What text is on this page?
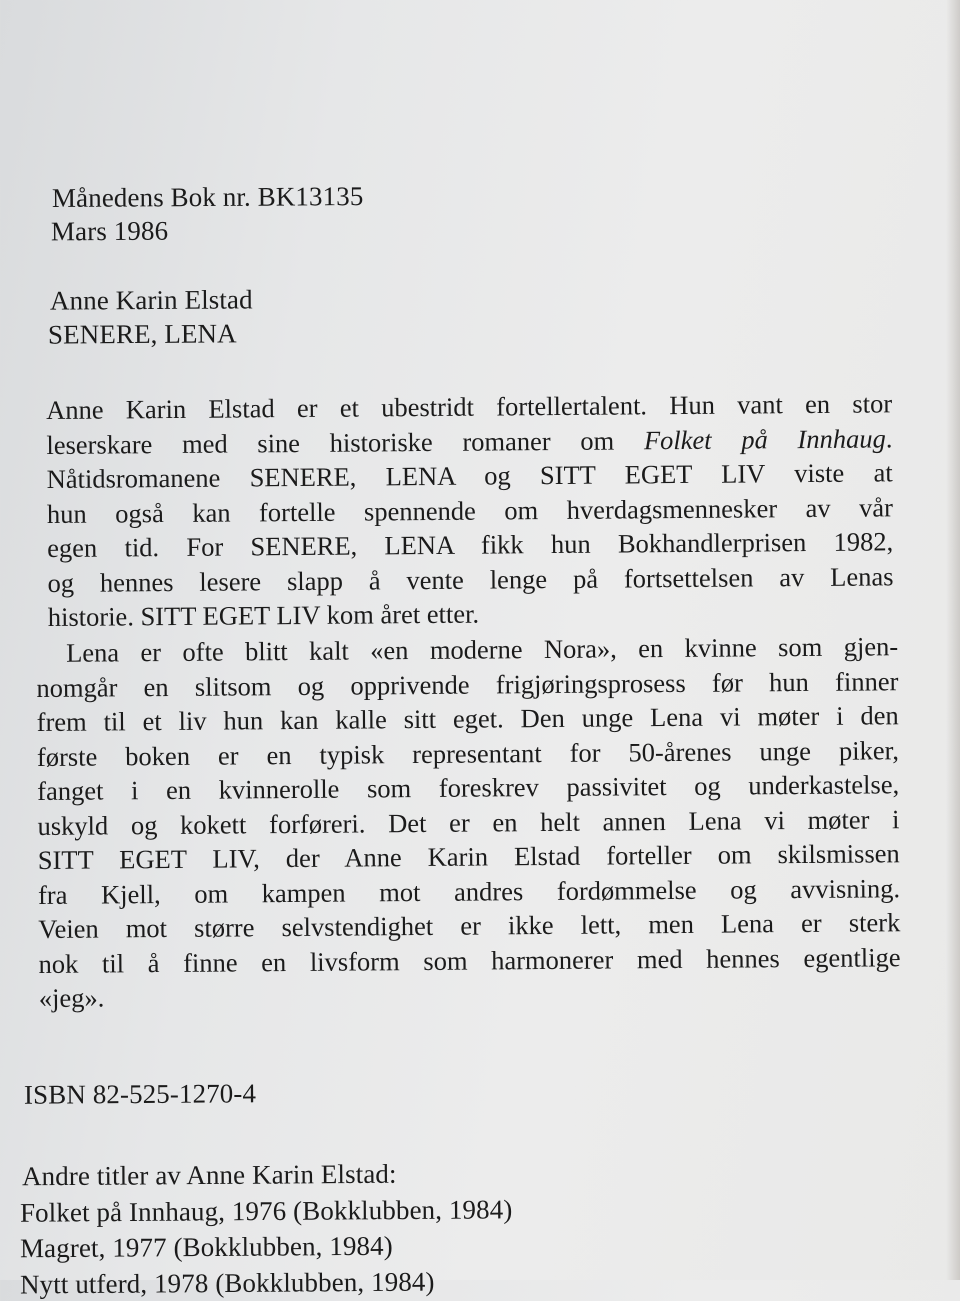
Månedens Bok nr. BK13135
Mars 1986
Anne Karin Elstad
SENERE, LENA
Anne Karin Elstad er et ubestridt fortellertalent. Hun vant en stor
leserskare med sine historiske romaner om Folket på Innhaug.
Nåtidsromanene SENERE, LENA og SITT EGET LIV viste at
hun også kan fortelle spennende om hverdagsmennesker av vår
egen tid. For SENERE, LENA fikk hun Bokhandlerprisen 1982,
og hennes lesere slapp å vente lenge på fortsettelsen av Lenas
historie. SITT EGET LIV kom året etter.
Lena er ofte blitt kalt «en moderne Nora», en kvinne som gjen-
nomgår en slitsom og opprivende frigjøringsprosess før hun finner
frem til et liv hun kan kalle sitt eget. Den unge Lena vi møter i den
første boken er en typisk representant for 50-årenes unge piker,
fanget i en kvinnerolle som foreskrev passivitet og underkastelse,
uskyld og kokett forføreri. Det er en helt annen Lena vi møter i
SITT EGET LIV, der Anne Karin Elstad forteller om skilsmissen
fra Kjell, om kampen mot andres fordømmelse og avvisning.
Veien mot større selvstendighet er ikke lett, men Lena er sterk
nok til å finne en livsform som harmonerer med hennes egentlige
«jeg».
ISBN 82-525-1270-4
Andre titler av Anne Karin Elstad:
Folket på Innhaug, 1976 (Bokklubben, 1984)
Magret, 1977 (Bokklubben, 1984)
Nytt utferd, 1978 (Bokklubben, 1984)
